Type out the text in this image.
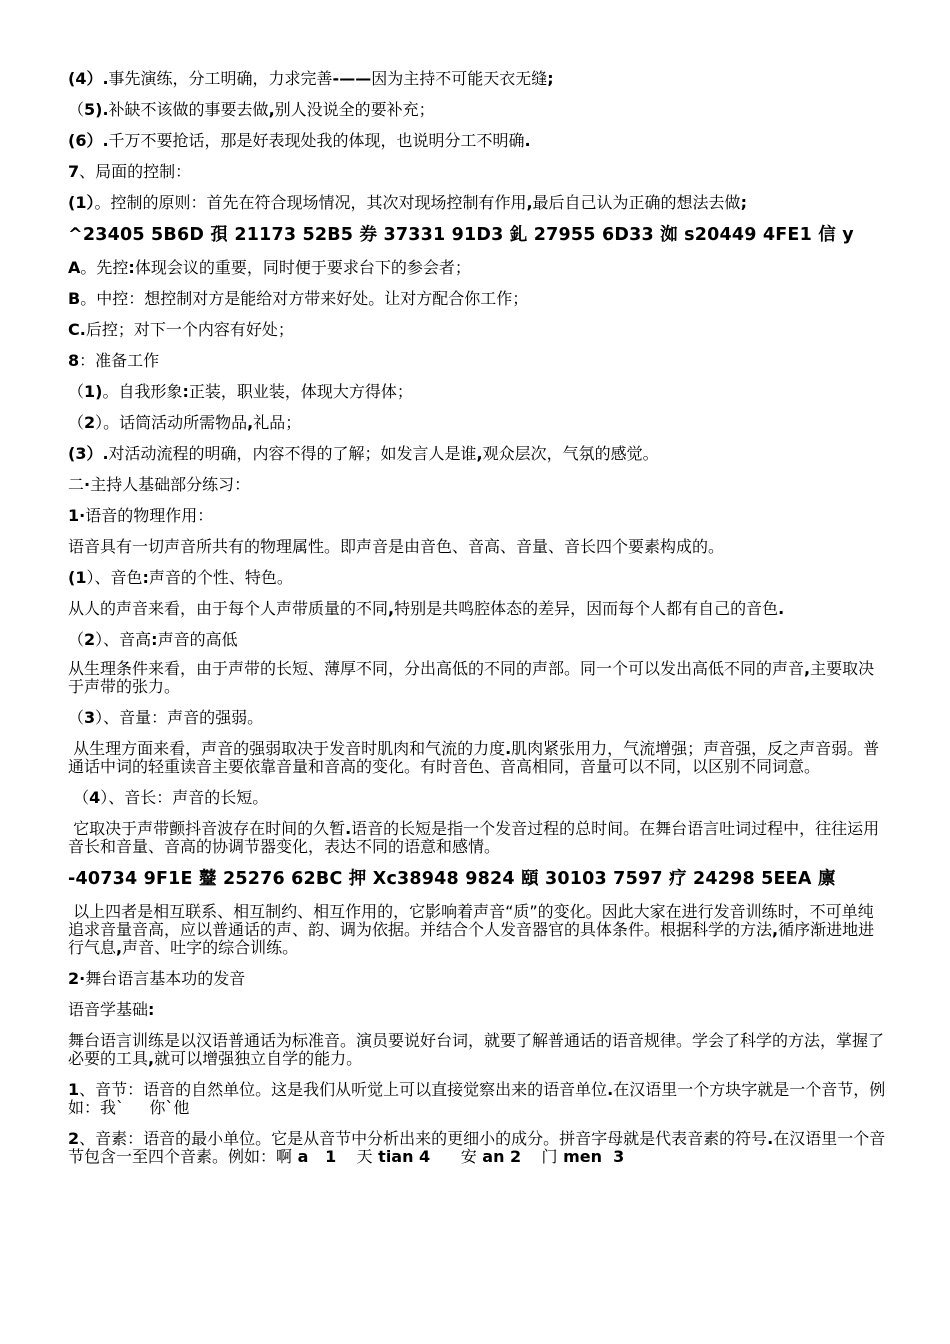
(4）.事先演练，分工明确，力求完善-——因为主持不可能天衣无缝;
（5).补缺不该做的事要去做,别人没说全的要补充；
(6）.千万不要抢话，那是好表现处我的体现，也说明分工不明确.
7、局面的控制：
(1）。控制的原则：首先在符合现场情况，其次对现场控制有作用,最后自己认为正确的想法去做;
^23405 5B6D 孭 21173 52B5 券 37331 91D3 釓 27955 6D33 洳 s20449 4FE1 信 y
A。先控:体现会议的重要，同时便于要求台下的参会者；
B。中控：想控制对方是能给对方带来好处。让对方配合你工作；
C.后控；对下一个内容有好处；
8：准备工作
（1)。自我形象:正装，职业装，体现大方得体；
（2）。话筒活动所需物品,礼品；
(3）.对活动流程的明确，内容不得的了解；如发言人是谁,观众层次，气氛的感觉。
二·主持人基础部分练习：
1·语音的物理作用：
语音具有一切声音所共有的物理属性。即声音是由音色、音高、音量、音长四个要素构成的。
(1）、音色:声音的个性、特色。
从人的声音来看，由于每个人声带质量的不同,特别是共鸣腔体态的差异，因而每个人都有自己的音色.
（2）、音高:声音的高低
从生理条件来看，由于声带的长短、薄厚不同，分出高低的不同的声部。同一个可以发出高低不同的声音,主要取决于声带的张力。
（3）、音量：声音的强弱。
从生理方面来看，声音的强弱取决于发音时肌肉和气流的力度.肌肉紧张用力，气流增强；声音强，反之声音弱。普通话中词的轻重读音主要依靠音量和音高的变化。有时音色、音高相同，音量可以不同，以区别不同词意。
（4）、音长：声音的长短。
它取决于声带颤抖音波存在时间的久暂.语音的长短是指一个发音过程的总时间。在舞台语言吐词过程中，往往运用音长和音量、音高的协调节器变化，表达不同的语意和感情。
-40734 9F1E 鼞 25276 62BC 押 Xc38948 9824 頤 30103 7597 疗 24298 5EEA 廪
以上四者是相互联系、相互制约、相互作用的，它影响着声音“质”的变化。因此大家在进行发音训练时，不可单纯追求音量音高，应以普通话的声、韵、调为依据。并结合个人发音器官的具体条件。根据科学的方法,循序渐进地进行气息,声音、吐字的综合训练。
2·舞台语言基本功的发音
语音学基础:
舞台语言训练是以汉语普通话为标准音。演员要说好台词，就要了解普通话的语音规律。学会了科学的方法，掌握了必要的工具,就可以增强独立自学的能力。
1、音节：语音的自然单位。这是我们从听觉上可以直接觉察出来的语音单位.在汉语里一个方块字就是一个音节，例如：我`     你`他
2、音素：语音的最小单位。它是从音节中分析出来的更细小的成分。拼音字母就是代表音素的符号.在汉语里一个音节包含一至四个音素。例如：啊 a   1    天 tian 4      安 an 2    门 men  3
